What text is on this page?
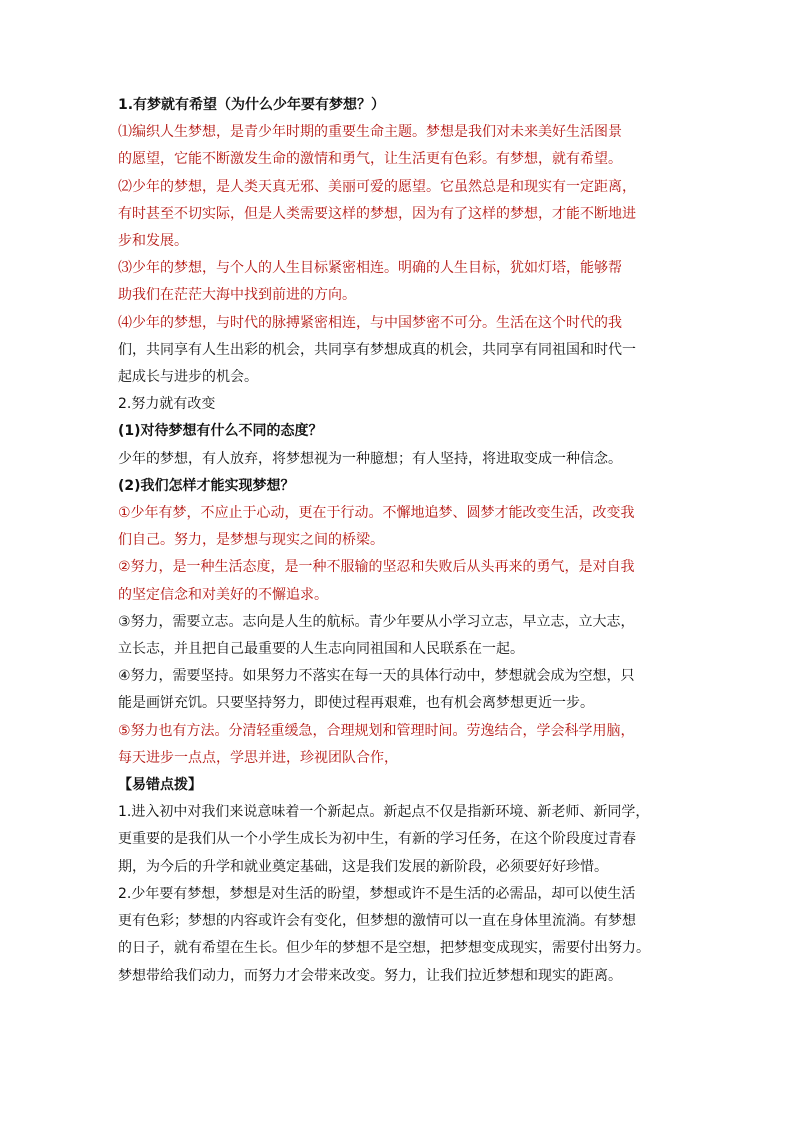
1.有梦就有希望（为什么少年要有梦想？）
⑴编织人生梦想，是青少年时期的重要生命主题。梦想是我们对未来美好生活图景
的愿望，它能不断激发生命的激情和勇气，让生活更有色彩。有梦想，就有希望。
⑵少年的梦想，是人类天真无邪、美丽可爱的愿望。它虽然总是和现实有一定距离，
有时甚至不切实际，但是人类需要这样的梦想，因为有了这样的梦想，才能不断地进
步和发展。
⑶少年的梦想，与个人的人生目标紧密相连。明确的人生目标，犹如灯塔，能够帮
助我们在茫茫大海中找到前进的方向。
⑷少年的梦想，与时代的脉搏紧密相连，与中国梦密不可分。生活在这个时代的我
们，共同享有人生出彩的机会，共同享有梦想成真的机会，共同享有同祖国和时代一
起成长与进步的机会。
2.努力就有改变
(1)对待梦想有什么不同的态度？
少年的梦想，有人放弃，将梦想视为一种臆想；有人坚持，将进取变成一种信念。
(2)我们怎样才能实现梦想？
①少年有梦，不应止于心动，更在于行动。不懈地追梦、圆梦才能改变生活，改变我
们自己。努力，是梦想与现实之间的桥梁。
②努力，是一种生活态度，是一种不服输的坚忍和失败后从头再来的勇气，是对自我
的坚定信念和对美好的不懈追求。
③努力，需要立志。志向是人生的航标。青少年要从小学习立志，早立志，立大志，
立长志，并且把自己最重要的人生志向同祖国和人民联系在一起。
④努力，需要坚持。如果努力不落实在每一天的具体行动中，梦想就会成为空想，只
能是画饼充饥。只要坚持努力，即使过程再艰难，也有机会离梦想更近一步。
⑤努力也有方法。分清轻重缓急，合理规划和管理时间。劳逸结合，学会科学用脑，
每天进步一点点，学思并进，珍视团队合作，
【易错点拨】
1.进入初中对我们来说意味着一个新起点。新起点不仅是指新环境、新老师、新同学，
更重要的是我们从一个小学生成长为初中生，有新的学习任务，在这个阶段度过青春
期，为今后的升学和就业奠定基础，这是我们发展的新阶段，必须要好好珍惜。
2.少年要有梦想，梦想是对生活的盼望，梦想或许不是生活的必需品，却可以使生活
更有色彩；梦想的内容或许会有变化，但梦想的激情可以一直在身体里流淌。有梦想
的日子，就有希望在生长。但少年的梦想不是空想，把梦想变成现实，需要付出努力。
梦想带给我们动力，而努力才会带来改变。努力，让我们拉近梦想和现实的距离。
